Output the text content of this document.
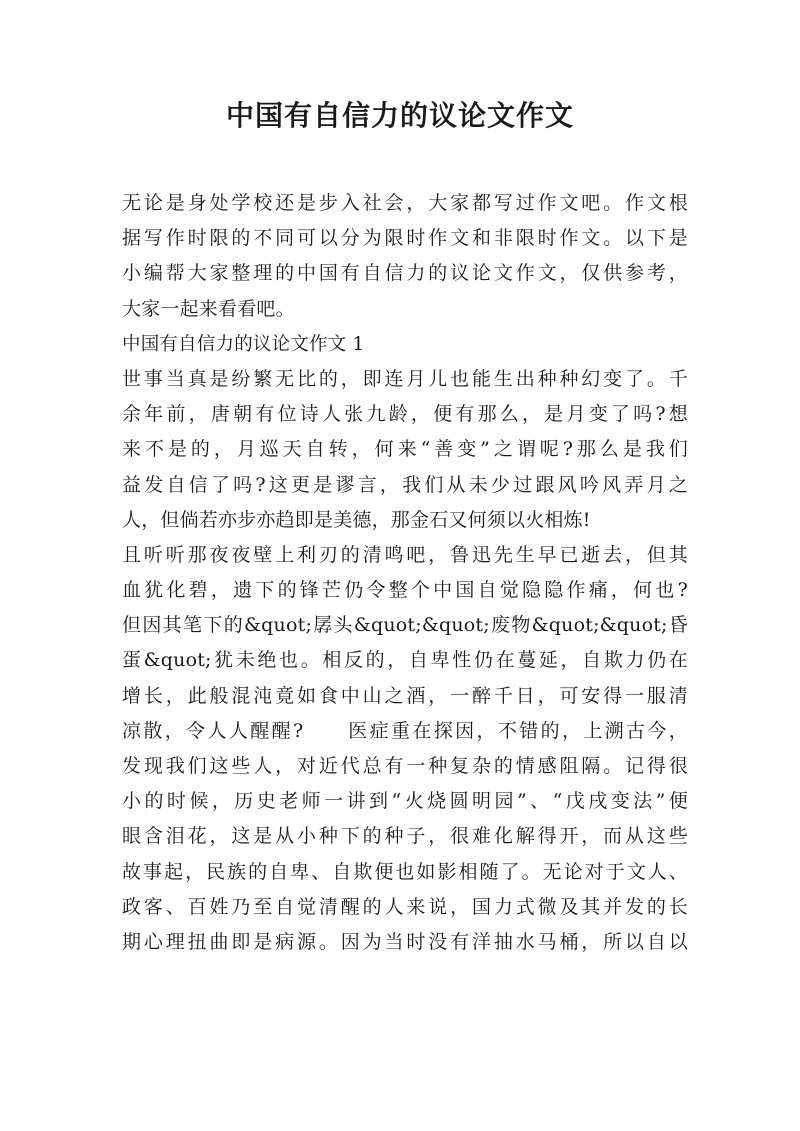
中国有自信力的议论文作文
无论是身处学校还是步入社会，大家都写过作文吧。作文根
据写作时限的不同可以分为限时作文和非限时作文。以下是
小编帮大家整理的中国有自信力的议论文作文，仅供参考，
大家一起来看看吧。
中国有自信力的议论文作文 1
世事当真是纷繁无比的，即连月儿也能生出种种幻变了。千
余年前，唐朝有位诗人张九龄，便有那么，是月变了吗?想
来不是的，月巡天自转，何来“善变”之谓呢?那么是我们
益发自信了吗?这更是谬言，我们从未少过跟风吟风弄月之
人，但倘若亦步亦趋即是美德，那金石又何须以火相炼!
且听听那夜夜壁上利刃的清鸣吧，鲁迅先生早已逝去，但其
血犹化碧，遗下的锋芒仍令整个中国自觉隐隐作痛，何也?
但因其笔下的&quot;孱头&quot;&quot;废物&quot;&quot;昏
蛋&quot;犹未绝也。相反的，自卑性仍在蔓延，自欺力仍在
增长，此般混沌竟如食中山之酒，一醉千日，可安得一服清
凉散，令人人醒醒?　　医症重在探因，不错的，上溯古今，
发现我们这些人，对近代总有一种复杂的情感阻隔。记得很
小的时候，历史老师一讲到“火烧圆明园”、“戊戌变法”便
眼含泪花，这是从小种下的种子，很难化解得开，而从这些
故事起，民族的自卑、自欺便也如影相随了。无论对于文人、
政客、百姓乃至自觉清醒的人来说，国力式微及其并发的长
期心理扭曲即是病源。因为当时没有洋抽水马桶，所以自以
